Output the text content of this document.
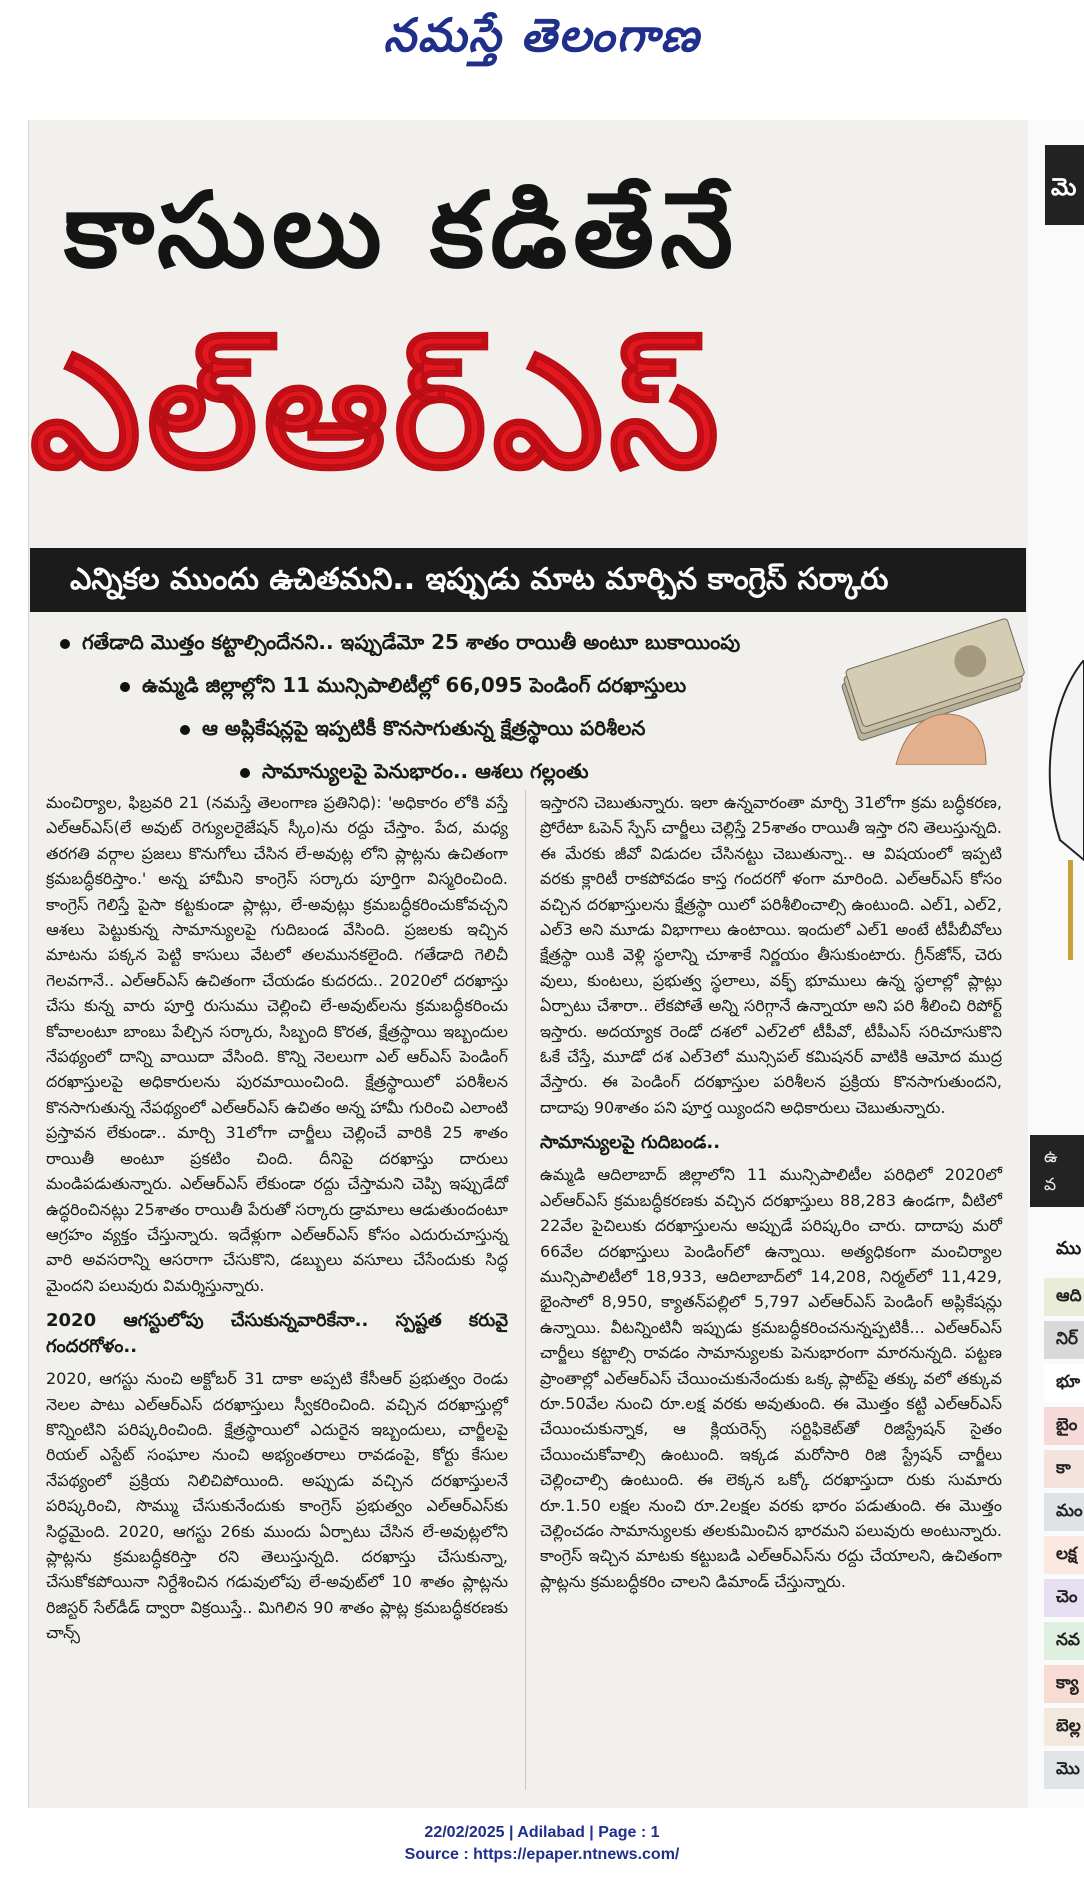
నమస్తే తెలంగాణ
మె
ఉ
వ
ము
ఆది
నిర్
భూ
బైం
కా
మం
లక్ష
చెం
నవ
క్యా
బెల్ల
మొ
కాసులు కడితేనే
ఎల్‌ఆర్‌ఎస్
ఎన్నికల ముందు ఉచితమని.. ఇప్పుడు మాట మార్చిన కాంగ్రెస్‌ సర్కారు
గతేడాది మొత్తం కట్టాల్సిందేనని.. ఇప్పుడేమో 25 శాతం రాయితీ అంటూ బుకాయింపు
ఉమ్మడి జిల్లాల్లోని 11 మున్సిపాలిటీల్లో 66,095 పెండింగ్‌ దరఖాస్తులు
ఆ అప్లికేషన్లపై ఇప్పటికీ కొనసాగుతున్న క్షేత్రస్థాయి పరిశీలన
సామాన్యులపై పెనుభారం.. ఆశలు గల్లంతు

మంచిర్యాల, ఫిబ్రవరి 21 (నమస్తే తెలంగాణ ప్రతినిధి): 'అధికారం లోకి వస్తే ఎల్‌ఆర్‌ఎస్‌(లే అవుట్‌ రెగ్యులరైజేషన్‌ స్కీం)ను రద్దు చేస్తాం. పేద, మధ్య తరగతి వర్గాల ప్రజలు కొనుగోలు చేసిన లే-అవుట్ల లోని ప్లాట్లను ఉచితంగా క్రమబద్ధీకరిస్తాం.' అన్న హామీని కాంగ్రెస్‌ సర్కారు పూర్తిగా విస్మరించింది. కాంగ్రెస్‌ గెలిస్తే పైసా కట్టకుండా ప్లాట్లు, లే-అవుట్లు క్రమబద్ధీకరించుకోవచ్చని ఆశలు పెట్టుకున్న సామాన్యులపై గుదిబండ వేసింది. ప్రజలకు ఇచ్చిన మాటను పక్కన పెట్టి కాసులు వేటలో తలమునకలైంది. గతేడాది గెలిచీ గెలవగానే.. ఎల్‌ఆర్‌ఎస్‌ ఉచితంగా చేయడం కుదరదు.. 2020లో దరఖాస్తు చేసు కున్న వారు పూర్తి రుసుము చెల్లించి లే-అవుట్‌లను క్రమబద్ధీకరించు కోవాలంటూ బాంబు పేల్చిన సర్కారు, సిబ్బంది కొరత, క్షేత్రస్థాయి ఇబ్బందుల నేపథ్యంలో దాన్ని వాయిదా వేసింది. కొన్ని నెలలుగా ఎల్‌ ఆర్‌ఎస్‌ పెండింగ్‌ దరఖాస్తులపై అధికారులను పురమాయించింది. క్షేత్రస్థాయిలో పరిశీలన కొనసాగుతున్న నేపథ్యంలో ఎల్‌ఆర్‌ఎస్‌ ఉచితం అన్న హామీ గురించి ఎలాంటి ప్రస్తావన లేకుండా.. మార్చి 31లోగా చార్జీలు చెల్లించే వారికి 25 శాతం రాయితీ అంటూ ప్రకటిం చింది. దీనిపై దరఖాస్తు దారులు మండిపడుతున్నారు. ఎల్‌ఆర్‌ఎస్‌ లేకుండా రద్దు చేస్తామని చెప్పి ఇప్పుడేదో ఉద్ధరించినట్లు 25శాతం రాయితీ పేరుతో సర్కారు డ్రామాలు ఆడుతుందంటూ ఆగ్రహం వ్యక్తం చేస్తున్నారు. ఇదేళ్లుగా ఎల్‌ఆర్‌ఎస్‌ కోసం ఎదురుచూస్తున్న వారి అవసరాన్ని ఆసరాగా చేసుకొని, డబ్బులు వసూలు చేసేందుకు సిద్ధ మైందని పలువురు విమర్శిస్తున్నారు.

2020 ఆగస్టులోపు చేసుకున్నవారికేనా.. స్పష్టత కరువై గందరగోళం..

2020, ఆగస్టు నుంచి అక్టోబర్‌ 31 దాకా అప్పటి కేసీఆర్‌ ప్రభుత్వం రెండు నెలల పాటు ఎల్‌ఆర్‌ఎస్‌ దరఖాస్తులు స్వీకరించింది. వచ్చిన దరఖాస్తుల్లో కొన్నింటిని పరిష్కరించింది. క్షేత్రస్థాయిలో ఎదురైన ఇబ్బందులు, చార్జీలపై రియల్‌ ఎస్టేట్‌ సంఘాల నుంచి అభ్యంతరాలు రావడంపై, కోర్టు కేసుల నేపథ్యంలో ప్రక్రియ నిలిచిపోయింది. అప్పుడు వచ్చిన దరఖాస్తులనే పరిష్కరించి, సొమ్ము చేసుకునేందుకు కాంగ్రెస్‌ ప్రభుత్వం ఎల్‌ఆర్‌ఎస్‌కు సిద్ధమైంది. 2020, ఆగస్టు 26కు ముందు ఏర్పాటు చేసిన లే-అవుట్లలోని ప్లాట్లను క్రమబద్ధీకరిస్తా రని తెలుస్తున్నది. దరఖాస్తు చేసుకున్నా, చేసుకోకపోయినా నిర్దేశించిన గడువులోపు లే-అవుట్‌లో 10 శాతం ప్లాట్లను రిజిస్టర్‌ సేల్‌డీడ్‌ ద్వారా విక్రయిస్తే.. మిగిలిన 90 శాతం ప్లాట్ల క్రమబద్ధీకరణకు చాన్స్‌

ఇస్తారని చెబుతున్నారు. ఇలా ఉన్నవారంతా మార్చి 31లోగా క్రమ బద్ధీకరణ, ప్రోరేటా ఓపెన్‌ స్పేస్‌ చార్జీలు చెల్లిస్తే 25శాతం రాయితీ ఇస్తా రని తెలుస్తున్నది. ఈ మేరకు జీవో విడుదల చేసినట్టు చెబుతున్నా.. ఆ విషయంలో ఇప్పటి వరకు క్లారిటీ రాకపోవడం కాస్త గందరగో ళంగా మారింది. ఎల్‌ఆర్‌ఎస్‌ కోసం వచ్చిన దరఖాస్తులను క్షేత్రస్థా యిలో పరిశీలించాల్సి ఉంటుంది. ఎల్‌1, ఎల్‌2, ఎల్‌3 అని మూడు విభాగాలు ఉంటాయి. ఇందులో ఎల్‌1 అంటే టీపీబీవోలు క్షేత్రస్థా యికి వెళ్లి స్థలాన్ని చూశాకే నిర్ణయం తీసుకుంటారు. గ్రీన్‌జోన్‌, చెరు వులు, కుంటలు, ప్రభుత్వ స్థలాలు, వక్ఫ్‌ భూములు ఉన్న స్థలాల్లో ప్లాట్లు ఏర్పాటు చేశారా.. లేకపోతే అన్ని సరిగ్గానే ఉన్నాయా అని పరి శీలించి రిపోర్ట్‌ ఇస్తారు. అదయ్యాక రెండో దశలో ఎల్‌2లో టీపీవో, టీపీఎస్‌ సరిచూసుకొని ఓకే చేస్తే, మూడో దశ ఎల్‌3లో మున్సిపల్‌ కమిషనర్‌ వాటికి ఆమోద ముద్ర వేస్తారు. ఈ పెండింగ్‌ దరఖాస్తుల పరిశీలన ప్రక్రియ కొనసాగుతుందని, దాదాపు 90శాతం పని పూర్త య్యిందని అధికారులు చెబుతున్నారు.

సామాన్యులపై గుదిబండ..

ఉమ్మడి ఆదిలాబాద్‌ జిల్లాలోని 11 మున్సిపాలిటీల పరిధిలో 2020లో ఎల్‌ఆర్‌ఎస్‌ క్రమబద్ధీకరణకు వచ్చిన దరఖాస్తులు 88,283 ఉండగా, వీటిలో 22వేల పైచిలుకు దరఖాస్తులను అప్పుడే పరిష్కరిం చారు. దాదాపు మరో 66వేల దరఖాస్తులు పెండింగ్‌లో ఉన్నాయి. అత్యధికంగా మంచిర్యాల మున్సిపాలిటీలో 18,933, ఆదిలాబాద్‌లో 14,208, నిర్మల్‌లో 11,429, భైంసాలో 8,950, క్యాతన్‌పల్లిలో 5,797 ఎల్‌ఆర్‌ఎస్‌ పెండింగ్‌ అప్లికేషన్లు ఉన్నాయి. వీటన్నింటినీ ఇప్పుడు క్రమబద్ధీకరించనున్నప్పటికీ... ఎల్‌ఆర్‌ఎస్‌ చార్జీలు కట్టాల్సి రావడం సామాన్యులకు పెనుభారంగా మారనున్నది. పట్టణ ప్రాంతాల్లో ఎల్‌ఆర్‌ఎస్‌ చేయించుకునేందుకు ఒక్క ప్లాట్‌పై తక్కు వలో తక్కువ రూ.50వేల నుంచి రూ.లక్ష వరకు అవుతుంది. ఈ మొత్తం కట్టి ఎల్‌ఆర్‌ఎస్‌ చేయించుకున్నాక, ఆ క్లియరెన్స్‌ సర్టిఫికెట్‌తో రిజిస్ట్రేషన్‌ సైతం చేయించుకోవాల్సి ఉంటుంది. ఇక్కడ మరోసారి రిజి స్ట్రేషన్‌ చార్జీలు చెల్లించాల్సి ఉంటుంది. ఈ లెక్కన ఒక్కో దరఖాస్తుదా రుకు సుమారు రూ.1.50 లక్షల నుంచి రూ.2లక్షల వరకు భారం పడుతుంది. ఈ మొత్తం చెల్లించడం సామాన్యులకు తలకుమించిన భారమని పలువురు అంటున్నారు. కాంగ్రెస్‌ ఇచ్చిన మాటకు కట్టుబడి ఎల్‌ఆర్‌ఎస్‌ను రద్దు చేయాలని, ఉచితంగా ప్లాట్లను క్రమబద్ధీకరిం చాలని డిమాండ్‌ చేస్తున్నారు.

22/02/2025 | Adilabad | Page : 1
Source : https://epaper.ntnews.com/
